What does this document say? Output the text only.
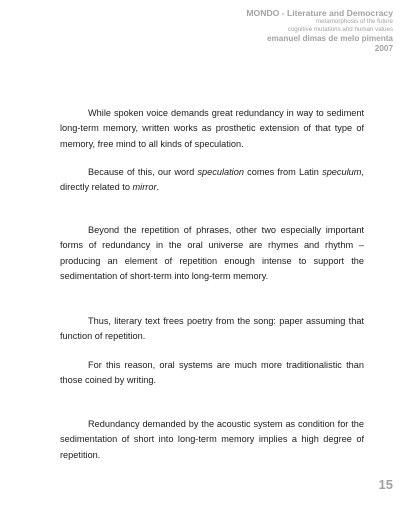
MONDO - Literature and Democracy
metamorphosis of the future
cognitive mutations and human values
emanuel dimas de melo pimenta
2007

While spoken voice demands great redundancy in way to sediment long-term memory, written works as prosthetic extension of that type of memory, free mind to all kinds of speculation.

Because of this, our word speculation comes from Latin speculum, directly related to mirror.

Beyond the repetition of phrases, other two especially important forms of redundancy in the oral universe are rhymes and rhythm – producing an element of repetition enough intense to support the sedimentation of short-term into long-term memory.

Thus, literary text frees poetry from the song: paper assuming that function of repetition.

For this reason, oral systems are much more traditionalistic than those coined by writing.

Redundancy demanded by the acoustic system as condition for the sedimentation of short into long-term memory implies a high degree of repetition.

15
